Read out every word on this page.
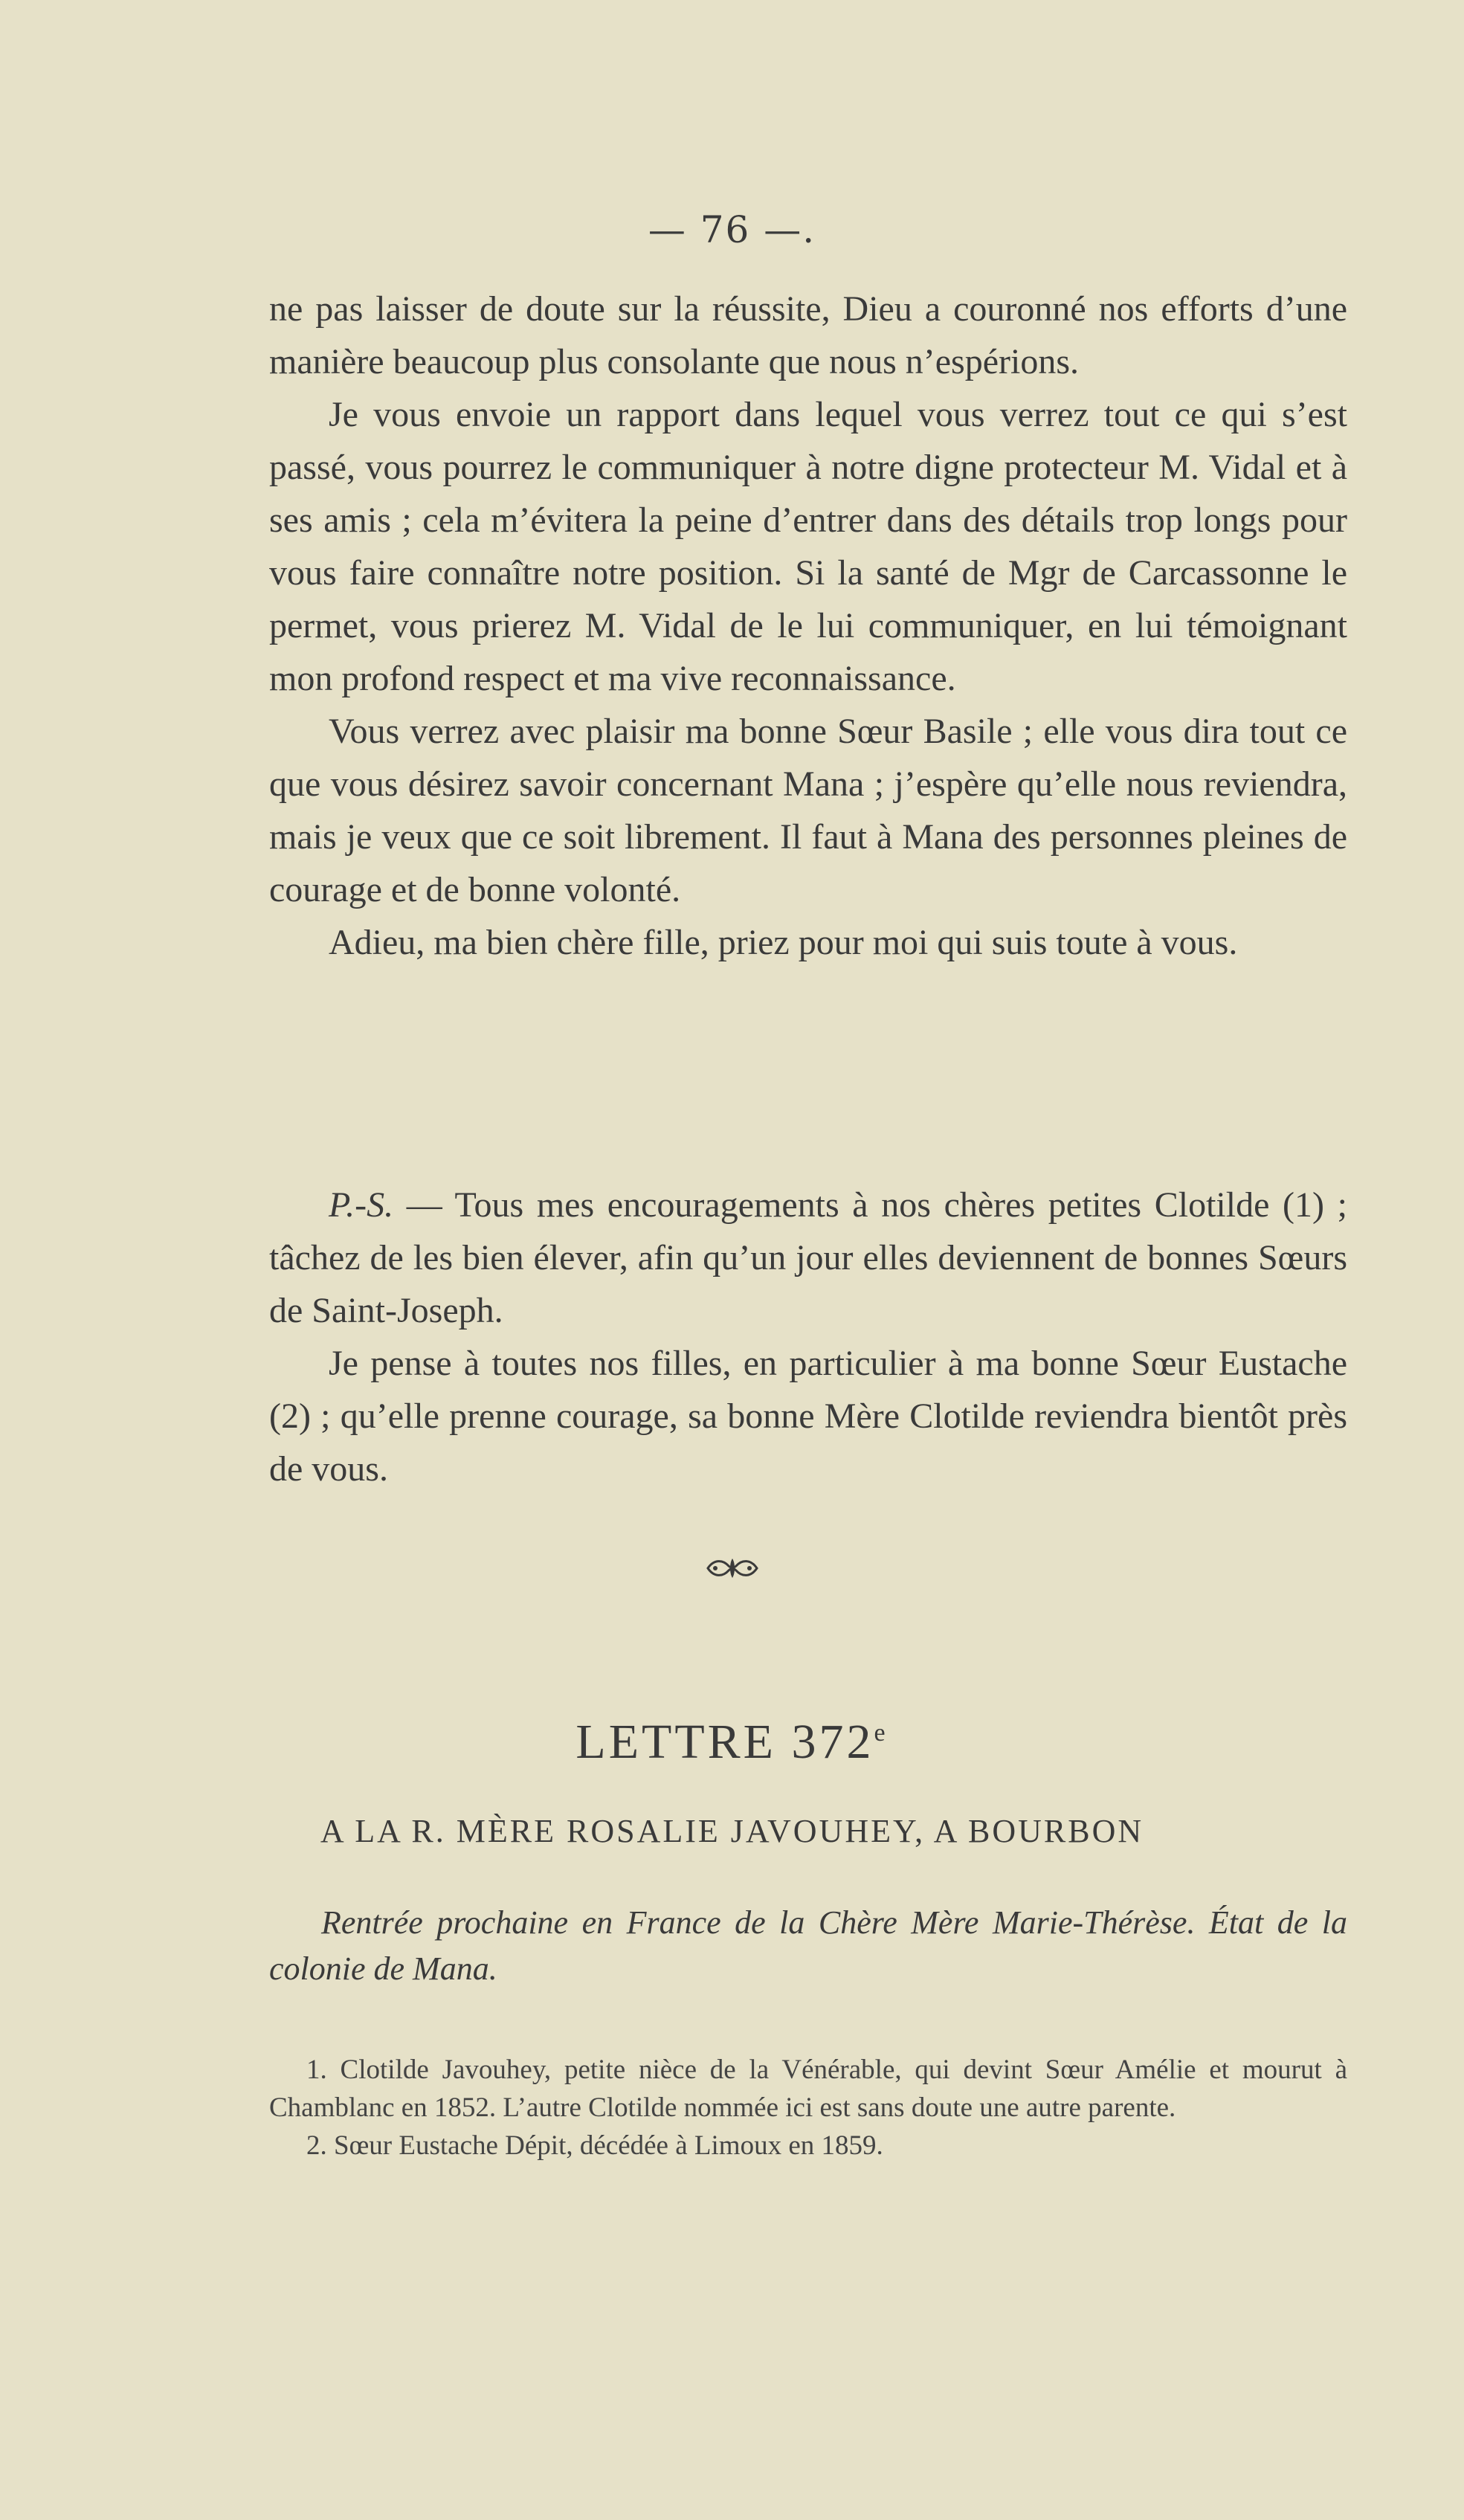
— 76 —.

ne pas laisser de doute sur la réussite, Dieu a couronné nos efforts d’une manière beaucoup plus consolante que nous n’espérions.

Je vous envoie un rapport dans lequel vous verrez tout ce qui s’est passé, vous pourrez le communiquer à notre digne protecteur M. Vidal et à ses amis ; cela m’évitera la peine d’entrer dans des détails trop longs pour vous faire connaître notre position. Si la santé de Mgr de Carcassonne le permet, vous prierez M. Vidal de le lui communiquer, en lui témoignant mon profond respect et ma vive reconnaissance.

Vous verrez avec plaisir ma bonne Sœur Basile ; elle vous dira tout ce que vous désirez savoir concernant Mana ; j’espère qu’elle nous reviendra, mais je veux que ce soit librement. Il faut à Mana des personnes pleines de courage et de bonne volonté.

Adieu, ma bien chère fille, priez pour moi qui suis toute à vous.

P.-S. — Tous mes encouragements à nos chères petites Clotilde (1) ; tâchez de les bien élever, afin qu’un jour elles deviennent de bonnes Sœurs de Saint-Joseph.

Je pense à toutes nos filles, en particulier à ma bonne Sœur Eustache (2) ; qu’elle prenne courage, sa bonne Mère Clotilde reviendra bientôt près de vous.

LETTRE 372e
A LA R. MÈRE ROSALIE JAVOUHEY, A BOURBON
Rentrée prochaine en France de la Chère Mère Marie-Thérèse. État de la colonie de Mana.

1. Clotilde Javouhey, petite nièce de la Vénérable, qui devint Sœur Amélie et mourut à Chamblanc en 1852. L’autre Clotilde nommée ici est sans doute une autre parente.

2. Sœur Eustache Dépit, décédée à Limoux en 1859.
